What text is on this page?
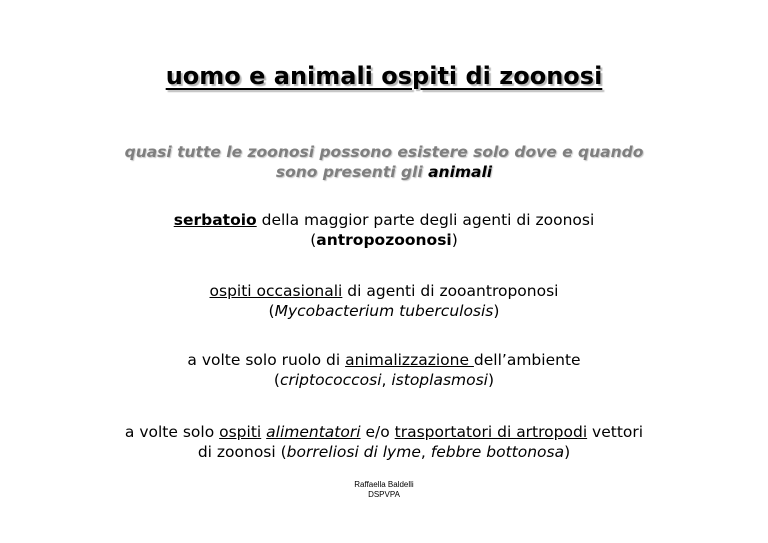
uomo e animali ospiti di zoonosi
quasi tutte le zoonosi possono esistere solo dove e quando
sono presenti gli animali
serbatoio della maggior parte degli agenti di zoonosi
(antropozoonosi)
ospiti occasionali di agenti di zooantroponosi
(Mycobacterium tuberculosis)
a volte solo ruolo di animalizzazione dell’ambiente
(criptococcosi, istoplasmosi)
a volte solo ospiti alimentatori e/o trasportatori di artropodi vettori
di zoonosi (borreliosi di lyme, febbre bottonosa)
Raffaella Baldelli
DSPVPA
